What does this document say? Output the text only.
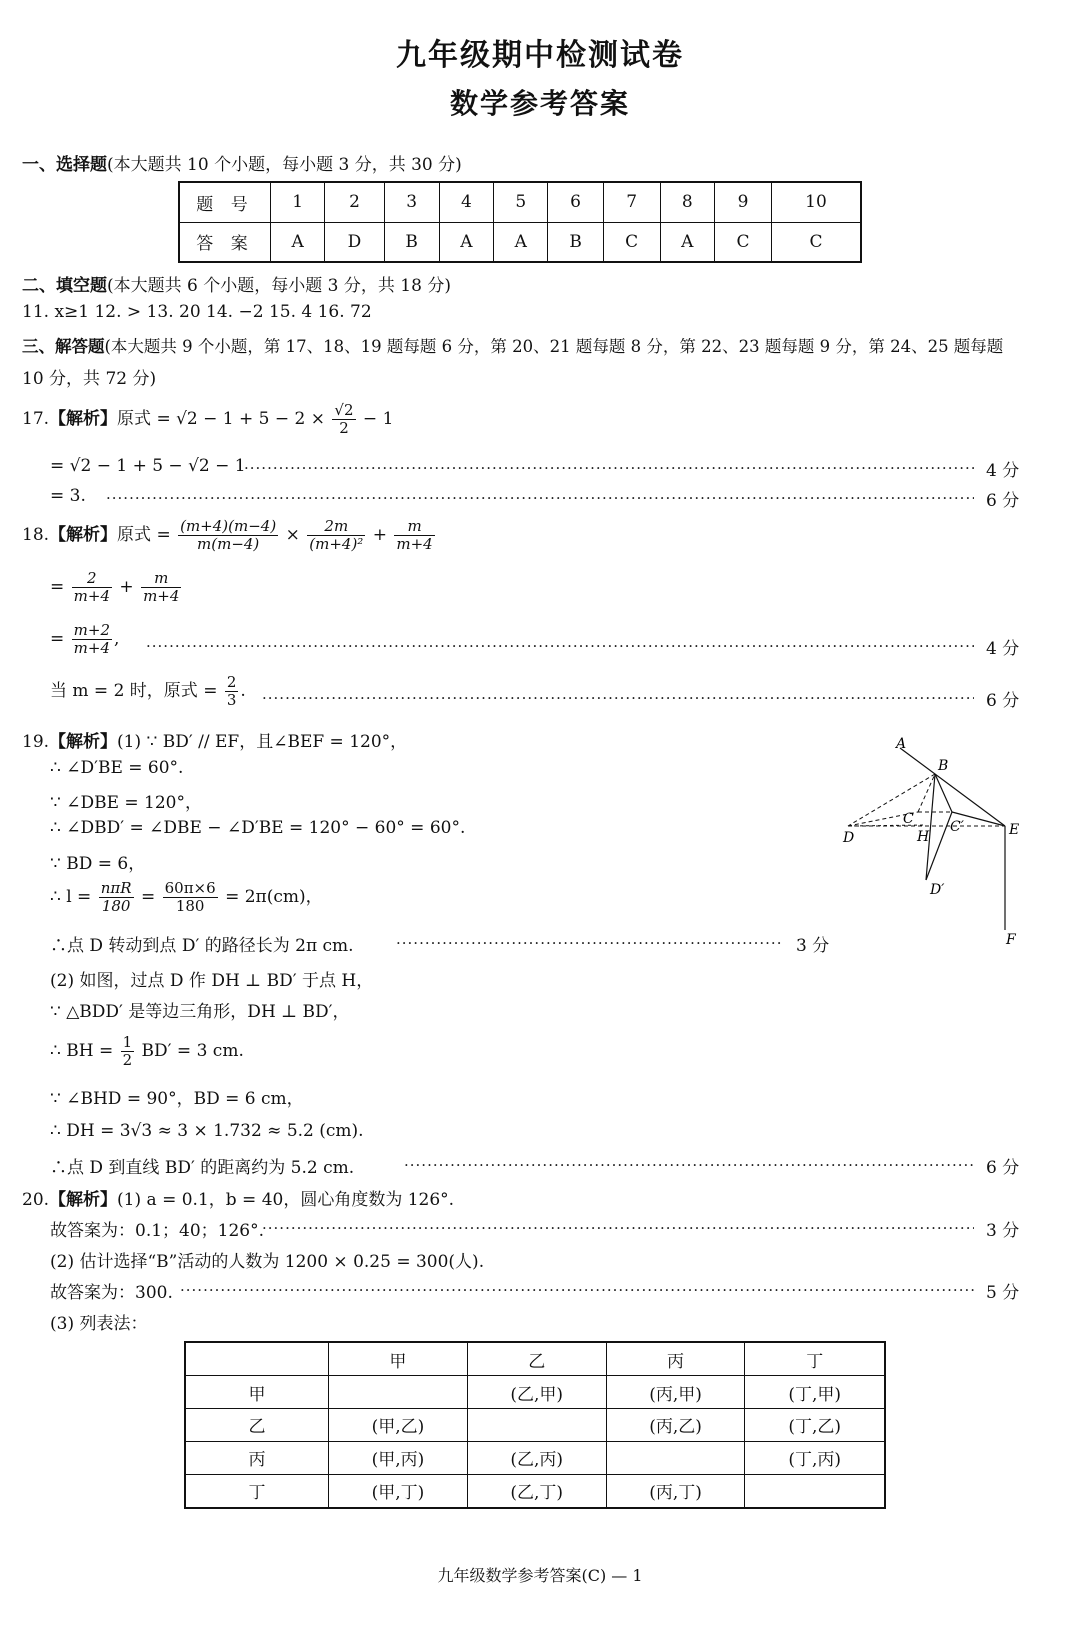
九年级期中检测试卷
数学参考答案
一、选择题(本大题共 10 个小题，每小题 3 分，共 30 分)
题 号	1	2	3	4	5	6	7	8	9	10
答 案	A	D	B	A	A	B	C	A	C	C
二、填空题(本大题共 6 个小题，每小题 3 分，共 18 分)
11. x≥1 12. > 13. 20 14. −2 15. 4 16. 72
三、解答题(本大题共 9 个小题，第 17、18、19 题每题 6 分，第 20、21 题每题 8 分，第 22、23 题每题 9 分，第 24、25 题每题
10 分，共 72 分)
17.【解析】原式 = $√2 - 1 + 5 - 2 \times \frac{√2}{2} - 1$
= √2 − 1 + 5 − √2 − 1 ·····	4 分
= 3. ·····	6 分
18.【解析】原式 = $\frac{(m+4)(m-4)}{m(m-4)} \times \frac{2m}{\text{(m+4)²}} + \frac{m}{m+4}$
= $\frac{2}{m+4} + \frac{m}{m+4}$
= $\frac{m+2}{m+4}$ , ·····	4 分
当 m = 2 时，原式 = $\frac{2}{3}$ . ·····	6 分
19.【解析】(1) ∵ BD′ // EF，且∠BEF = 120°，
∴ ∠D′BE = 60°.
∵ ∠DBE = 120°，
∴ ∠DBD′ = ∠DBE − ∠D′BE = 120° − 60° = 60°.
∵ BD = 6，
∴ $l = \frac{\text{nπR}}{180} = \frac{60\pi\times 6}{180} = 2\pi(cm)$，
∴点 D 转动到点 D′ 的路径长为 2π cm. ·····	3 分
(2) 如图，过点 D 作 DH ⊥ BD′ 于点 H，
∵ △BDD′ 是等边三角形，DH ⊥ BD′，
∴ BH = $\frac{1}{2} BD' = 3$ cm.
∵ ∠BHD = 90°，BD = 6 cm，
∴ DH = 3√3 ≈ 3 × 1.732 ≈ 5.2 (cm).
∴点 D 到直线 BD′ 的距离约为 5.2 cm. ·····	6 分
A
B
C	C′
D	H	E
D′
F
20.【解析】(1) a = 0.1，b = 40，圆心角度数为 126°.
故答案为：0.1；40；126°. ·····	3 分
(2) 估计选择“B”活动的人数为 1200 × 0.25 = 300(人).
故答案为：300. ·····	5 分
(3) 列表法：
	甲	乙	丙	丁
甲		(乙,甲)	(丙,甲)	(丁,甲)
乙	(甲,乙)		(丙,乙)	(丁,乙)
丙	(甲,丙)	(乙,丙)		(丁,丙)
丁	(甲,丁)	(乙,丁)	(丙,丁)	
九年级数学参考答案(C) — 1
